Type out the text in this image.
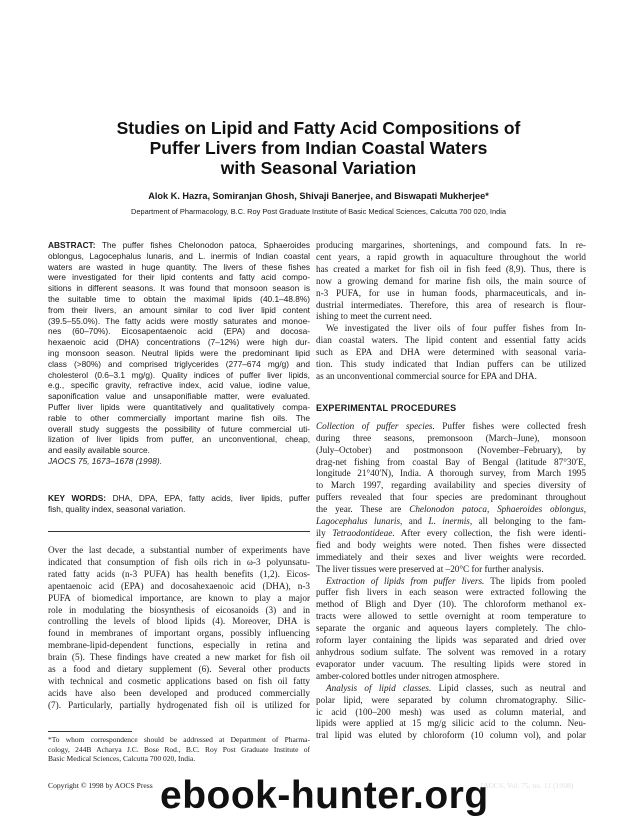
Studies on Lipid and Fatty Acid Compositions of
Puffer Livers from Indian Coastal Waters
with Seasonal Variation
Alok K. Hazra, Somiranjan Ghosh, Shivaji Banerjee, and Biswapati Mukherjee*
Department of Pharmacology, B.C. Roy Post Graduate Institute of Basic Medical Sciences, Calcutta 700 020, India
ABSTRACT: The puffer fishes Chelonodon patoca, Sphaeroides
oblongus, Lagocephalus lunaris, and L. inermis of Indian coastal
waters are wasted in huge quantity. The livers of these fishes
were investigated for their lipid contents and fatty acid compo-
sitions in different seasons. It was found that monsoon season is
the suitable time to obtain the maximal lipids (40.1–48.8%)
from their livers, an amount similar to cod liver lipid content
(39.5–55.0%). The fatty acids were mostly saturates and monoe-
nes (60–70%). Eicosapentaenoic acid (EPA) and docosa-
hexaenoic acid (DHA) concentrations (7–12%) were high dur-
ing monsoon season. Neutral lipids were the predominant lipid
class (>80%) and comprised triglycerides (277–674 mg/g) and
cholesterol (0.6–3.1 mg/g). Quality indices of puffer liver lipids,
e.g., specific gravity, refractive index, acid value, iodine value,
saponification value and unsaponifiable matter, were evaluated.
Puffer liver lipids were quantitatively and qualitatively compa-
rable to other commercially important marine fish oils. The
overall study suggests the possibility of future commercial uti-
lization of liver lipids from puffer, an unconventional, cheap,
and easily available source.
JAOCS 75, 1673–1678 (1998).
KEY WORDS: DHA, DPA, EPA, fatty acids, liver lipids, puffer
fish, quality index, seasonal variation.
Over the last decade, a substantial number of experiments have
indicated that consumption of fish oils rich in ω-3 polyunsatu-
rated fatty acids (n-3 PUFA) has health benefits (1,2). Eicos-
apentaenoic acid (EPA) and docosahexaenoic acid (DHA), n-3
PUFA of biomedical importance, are known to play a major
role in modulating the biosynthesis of eicosanoids (3) and in
controlling the levels of blood lipids (4). Moreover, DHA is
found in membranes of important organs, possibly influencing
membrane-lipid-dependent functions, especially in retina and
brain (5). These findings have created a new market for fish oil
as a food and dietary supplement (6). Several other products
with technical and cosmetic applications based on fish oil fatty
acids have also been developed and produced commercially
(7). Particularly, partially hydrogenated fish oil is utilized for
*To whom correspondence should be addressed at Department of Pharma-
cology, 244B Acharya J.C. Bose Rod., B.C. Roy Post Graduate Institute of
Basic Medical Sciences, Calcutta 700 020, India.
producing margarines, shortenings, and compound fats. In re-
cent years, a rapid growth in aquaculture throughout the world
has created a market for fish oil in fish feed (8,9). Thus, there is
now a growing demand for marine fish oils, the main source of
n-3 PUFA, for use in human foods, pharmaceuticals, and in-
dustrial intermediates. Therefore, this area of research is flour-
ishing to meet the current need.
We investigated the liver oils of four puffer fishes from In-
dian coastal waters. The lipid content and essential fatty acids
such as EPA and DHA were determined with seasonal varia-
tion. This study indicated that Indian puffers can be utilized
as an unconventional commercial source for EPA and DHA.
EXPERIMENTAL PROCEDURES
Collection of puffer species. Puffer fishes were collected fresh
during three seasons, premonsoon (March–June), monsoon
(July–October) and postmonsoon (November–February), by
drag-net fishing from coastal Bay of Bengal (latitude 87°30′E,
longitude 21°40′N), India. A thorough survey, from March 1995
to March 1997, regarding availability and species diversity of
puffers revealed that four species are predominant throughout
the year. These are Chelonodon patoca, Sphaeroides oblongus,
Lagocephalus lunaris, and L. inermis, all belonging to the fam-
ily Tetraodontideae. After every collection, the fish were identi-
fied and body weights were noted. Then fishes were dissected
immediately and their sexes and liver weights were recorded.
The liver tissues were preserved at –20°C for further analysis.
Extraction of lipids from puffer livers. The lipids from pooled
puffer fish livers in each season were extracted following the
method of Bligh and Dyer (10). The chloroform methanol ex-
tracts were allowed to settle overnight at room temperature to
separate the organic and aqueous layers completely. The chlo-
roform layer containing the lipids was separated and dried over
anhydrous sodium sulfate. The solvent was removed in a rotary
evaporator under vacuum. The resulting lipids were stored in
amber-colored bottles under nitrogen atmosphere.
Analysis of lipid classes. Lipid classes, such as neutral and
polar lipid, were separated by column chromatography. Silic-
ic acid (100–200 mesh) was used as column material, and
lipids were applied at 15 mg/g silicic acid to the column. Neu-
tral lipid was eluted by chloroform (10 column vol), and polar
Copyright © 1998 by AOCS Press ebook-hunter.org
